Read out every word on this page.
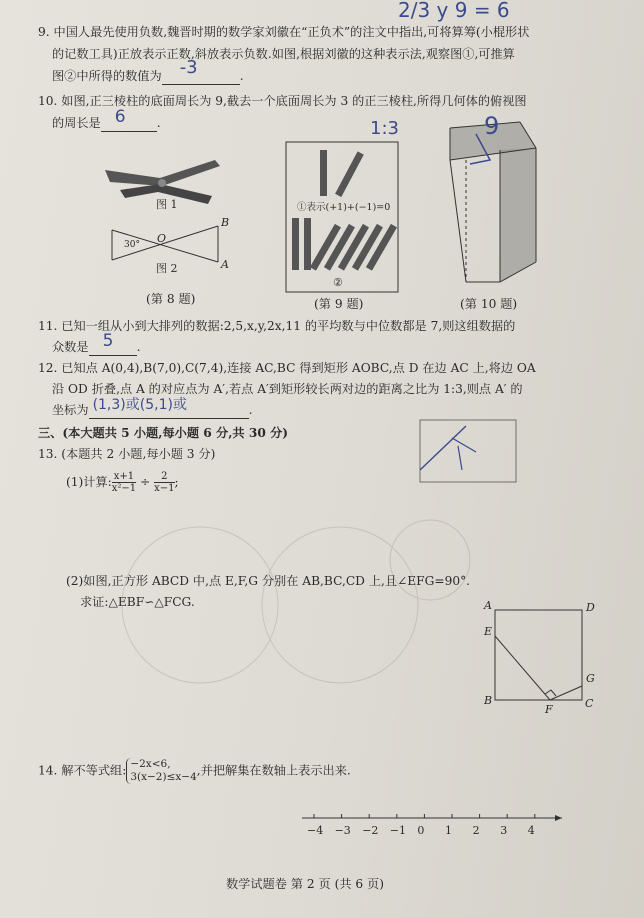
2/3 y 9 = 6
9. 中国人最先使用负数,魏晋时期的数学家刘徽在“正负术”的注文中指出,可将算筹(小棍形状
的记数工具)正放表示正数,斜放表示负数.如图,根据刘徽的这种表示法,观察图①,可推算
图②中所得的数值为 -3	.
10. 如图,正三棱柱的底面周长为 9,截去一个底面周长为 3 的正三棱柱,所得几何体的俯视图
的周长是 6	.
图 1
O
B
A
30°
图 2
(第 8 题)
①表示(+1)+(−1)=0
②
(第 9 题)
1:3	9
(第 10 题)
11. 已知一组从小到大排列的数据:2,5,x,y,2x,11 的平均数与中位数都是 7,则这组数据的
众数是 5 .
12. 已知点 A(0,4),B(7,0),C(7,4),连接 AC,BC 得到矩形 AOBC,点 D 在边 AC 上,将边 OA
沿 OD 折叠,点 A 的对应点为 A′,若点 A′到矩形较长两对边的距离之比为 1:3,则点 A′ 的
坐标为 (1,3)或(5,1)或	.
三、(本大题共 5 小题,每小题 6 分,共 30 分)
13. (本题共 2 小题,每小题 3 分)
(1)计算: $\frac{x+1}{\text{x²−1}} \div \frac{2}{x-1}$ ;
(2)如图,正方形 ABCD 中,点 E,F,G 分别在 AB,BC,CD 上,且∠EFG=90°.
求证:△EBF∽△FCG.	A	D
E
G
B
F	C
14. 解不等式组: −2x<6,
3(x−2)≤x−4 ,并把解集在数轴上表示出来.
−4 −3 −2 −1 0 1 2 3 4
数学试题卷 第 2 页 (共 6 页)
